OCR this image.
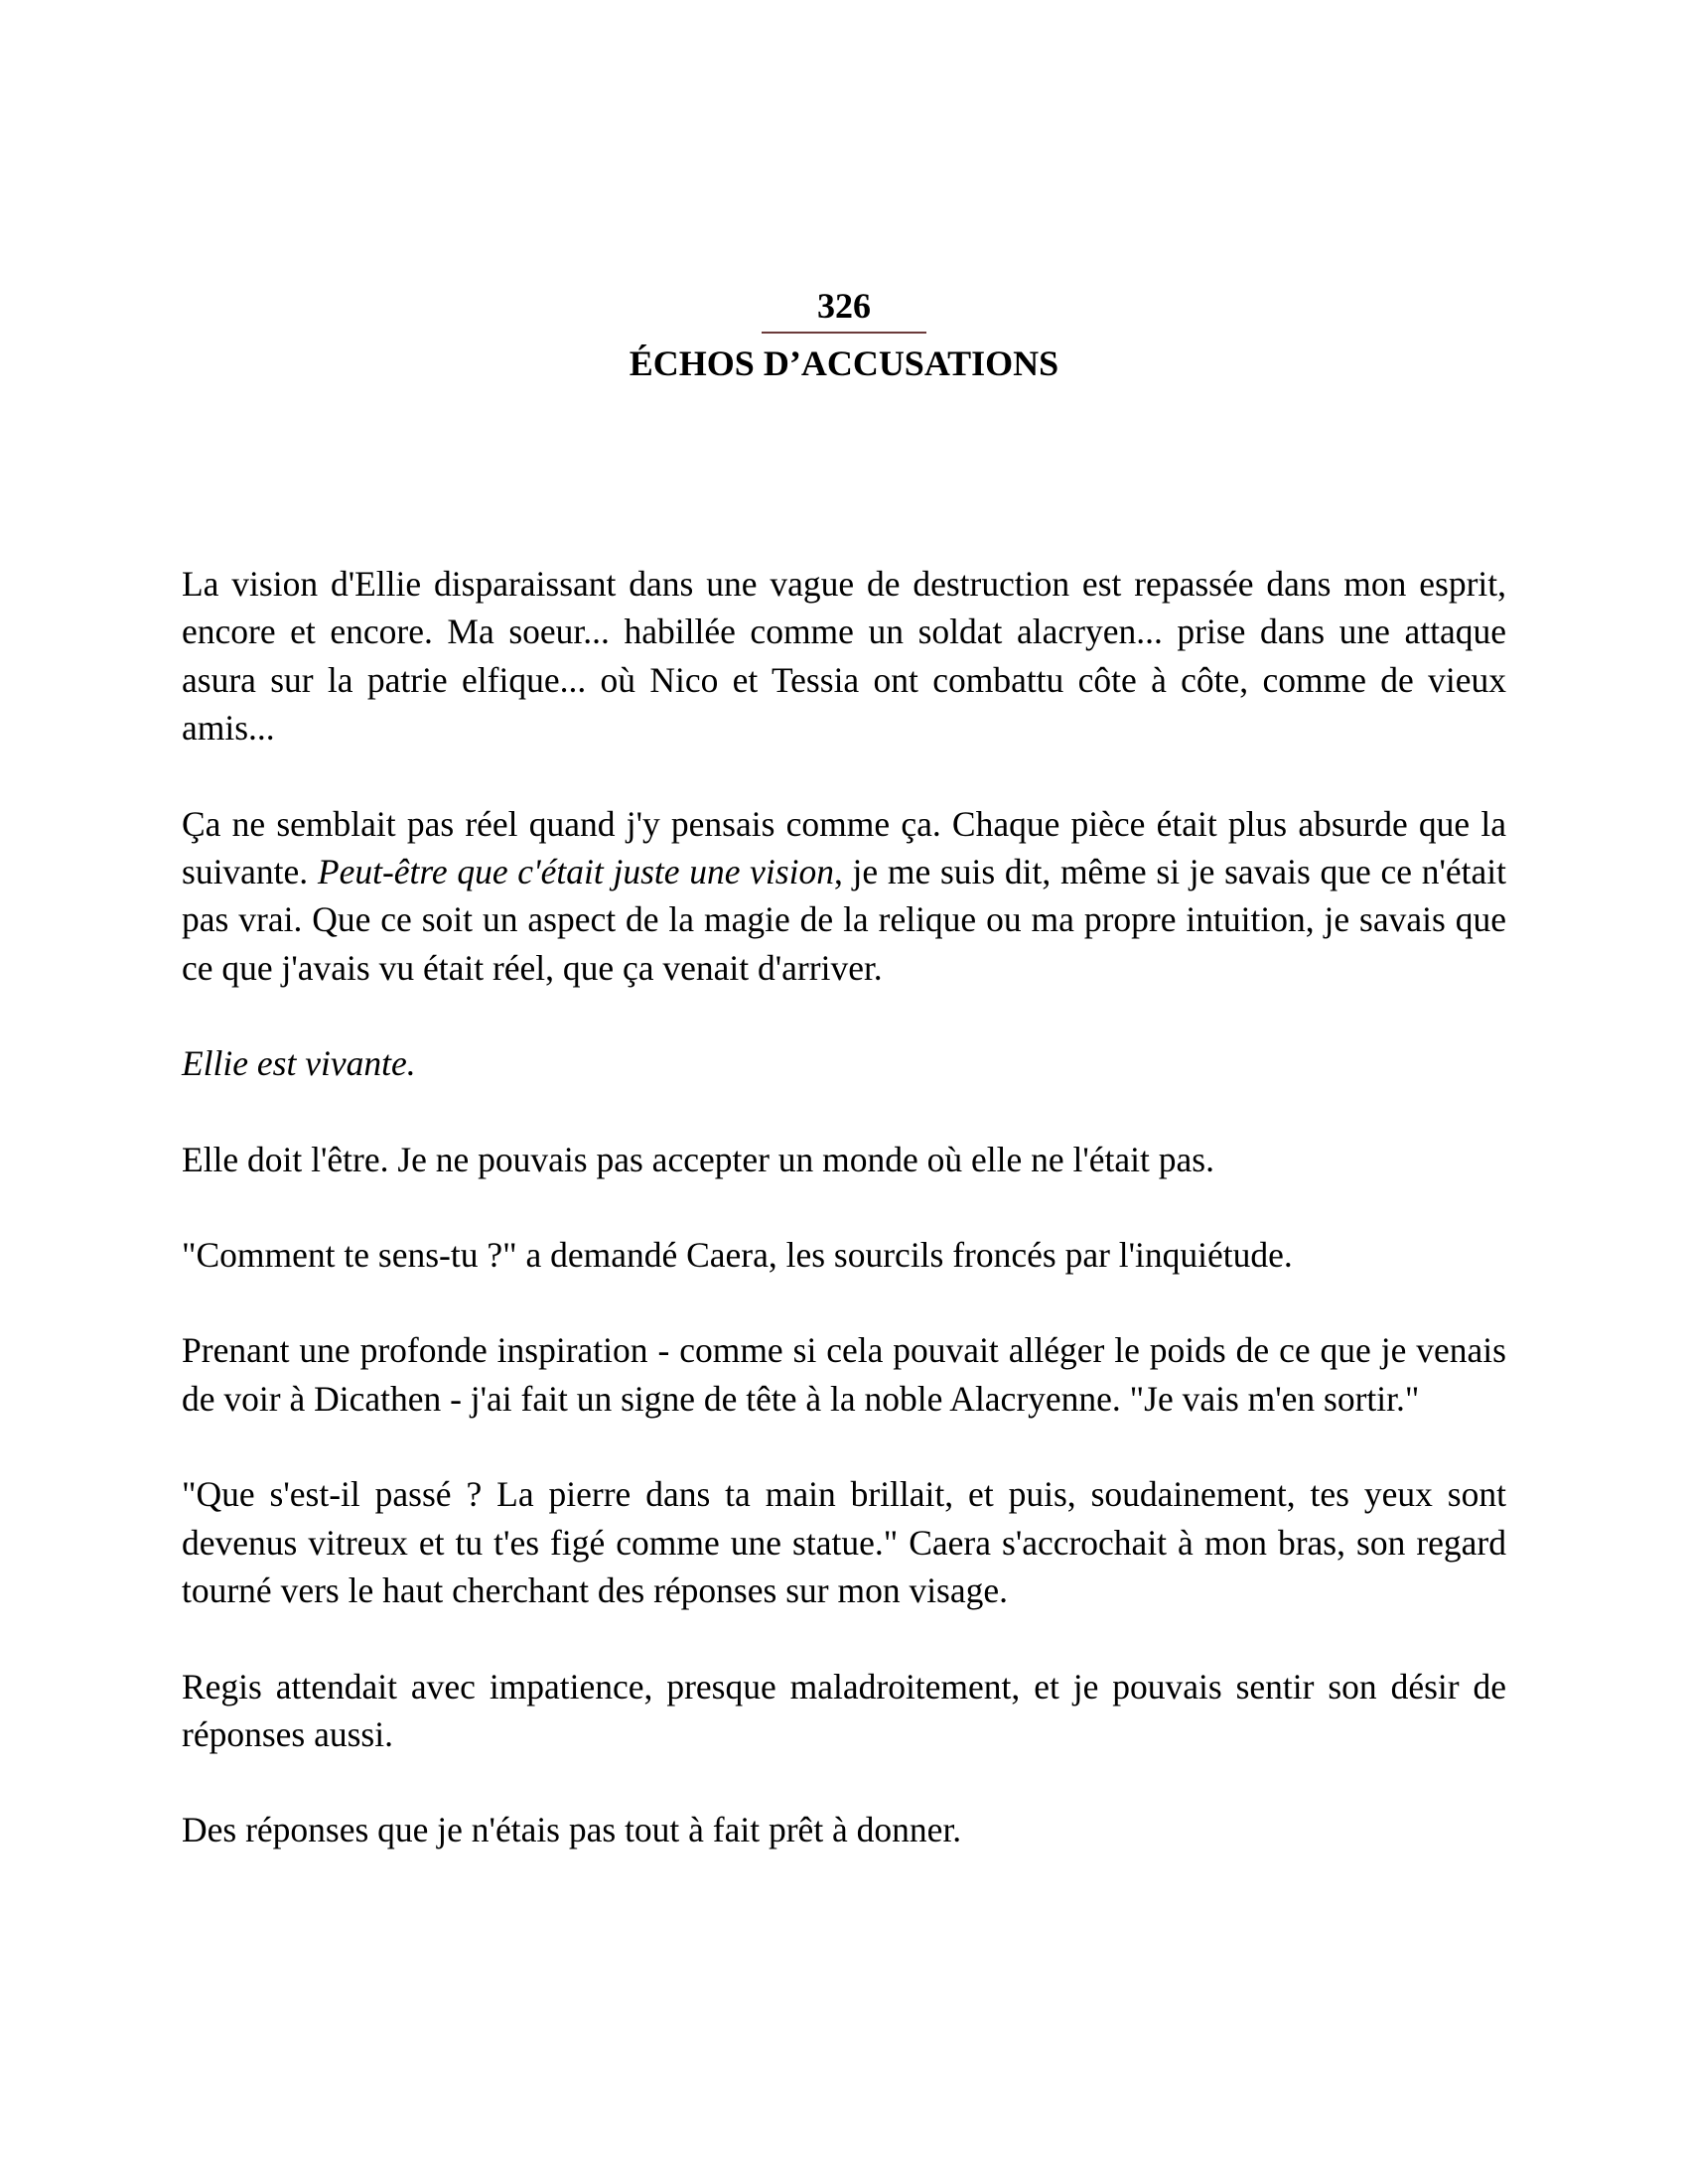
326
ÉCHOS D’ACCUSATIONS

La vision d'Ellie disparaissant dans une vague de destruction est repassée dans mon esprit, encore et encore. Ma soeur... habillée comme un soldat alacryen... prise dans une attaque asura sur la patrie elfique... où Nico et Tessia ont combattu côte à côte, comme de vieux amis...

Ça ne semblait pas réel quand j'y pensais comme ça. Chaque pièce était plus absurde que la suivante. Peut-être que c'était juste une vision, je me suis dit, même si je savais que ce n'était pas vrai. Que ce soit un aspect de la magie de la relique ou ma propre intuition, je savais que ce que j'avais vu était réel, que ça venait d'arriver.

Ellie est vivante.

Elle doit l'être. Je ne pouvais pas accepter un monde où elle ne l'était pas.

"Comment te sens-tu ?" a demandé Caera, les sourcils froncés par l'inquiétude.

Prenant une profonde inspiration - comme si cela pouvait alléger le poids de ce que je venais de voir à Dicathen - j'ai fait un signe de tête à la noble Alacryenne. "Je vais m'en sortir."

"Que s'est-il passé ? La pierre dans ta main brillait, et puis, soudainement, tes yeux sont devenus vitreux et tu t'es figé comme une statue." Caera s'accrochait à mon bras, son regard tourné vers le haut cherchant des réponses sur mon visage.

Regis attendait avec impatience, presque maladroitement, et je pouvais sentir son désir de réponses aussi.

Des réponses que je n'étais pas tout à fait prêt à donner.
